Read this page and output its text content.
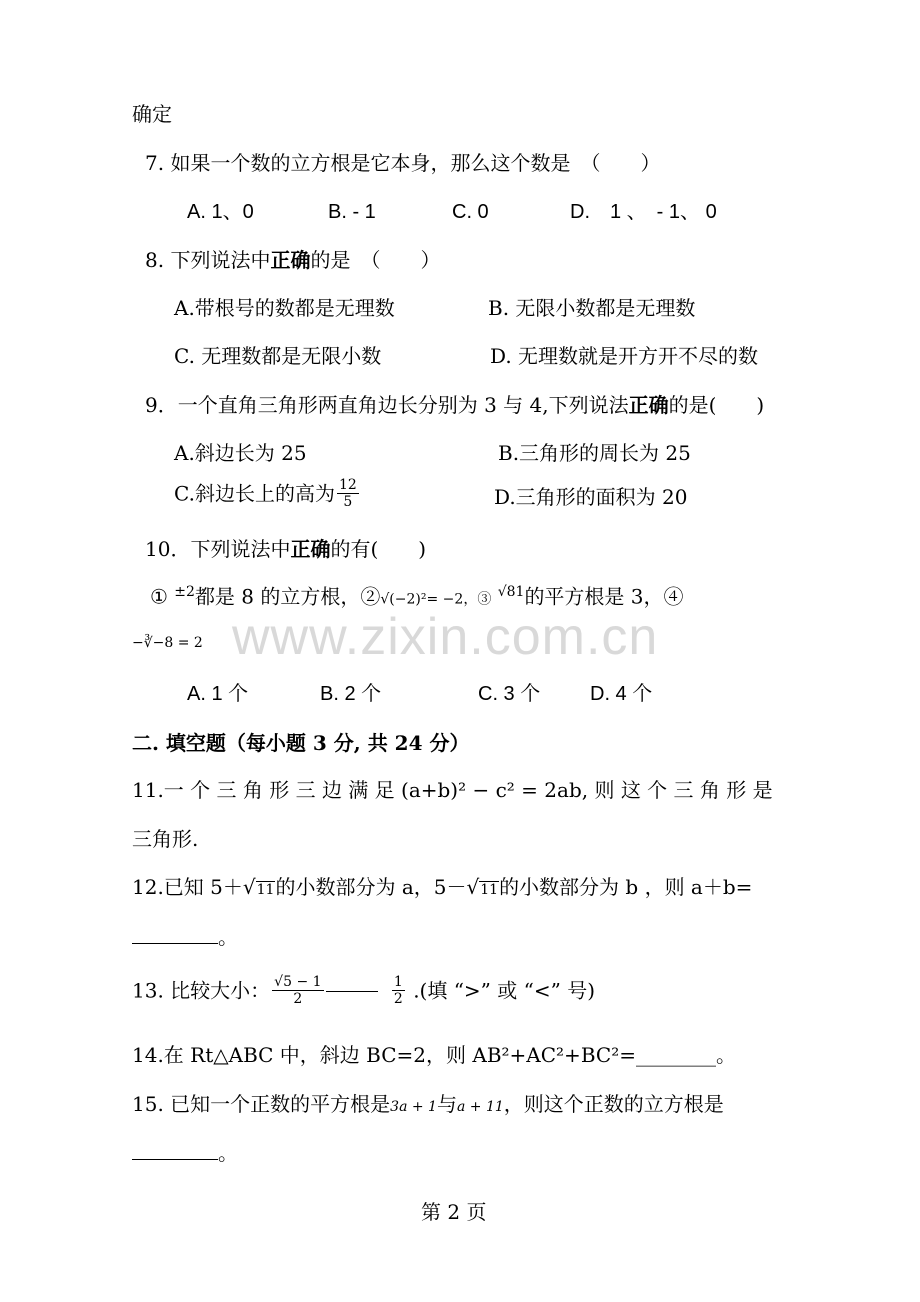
www.zixin.com.cn
确定
7. 如果一个数的立方根是它本身，那么这个数是　（　　）
A. 1、0	B. - 1	C. 0	D.　1 、　- 1、 0
8. 下列说法中正确的是　（　　）
A.带根号的数都是无理数	B. 无限小数都是无理数
C. 无理数都是无限小数	D. 无理数就是开方开不尽的数
9．一个直角三角形两直角边长分别为 3 与 4,下列说法正确的是(　　)
A.斜边长为 25	B.三角形的周长为 25
C.斜边长上的高为 $\frac{12}{5}$	D.三角形的面积为 20
10．下列说法中正确的有(　　)
① $^{\pm 2}$都是 8 的立方根，②√(−2)²= −2，③ $^{√81}$的平方根是 3，④
−∛−8 = 2
A. 1 个	B. 2 个	C. 3 个 D. 4 个
二. 填空题（每小题 3 分, 共 24 分）
11.一 个 三 角 形 三 边 满 足 (a+b)² − c² = 2ab, 则 这 个 三 角 形 是
三角形.
12.已知 5＋√11的小数部分为 a，5－√11的小数部分为 b ，则 a＋b=
。
13. 比较大小： $\frac{√5 - 1}{2}$
	$\frac{1}{2}$ .(填 “>” 或 “<” 号)
14.在 Rt△ABC 中，斜边 BC=2，则 AB²+AC²+BC²=________。
15. 已知一个正数的平方根是3a + 1与a + 11，则这个正数的立方根是
。
第 2 页
